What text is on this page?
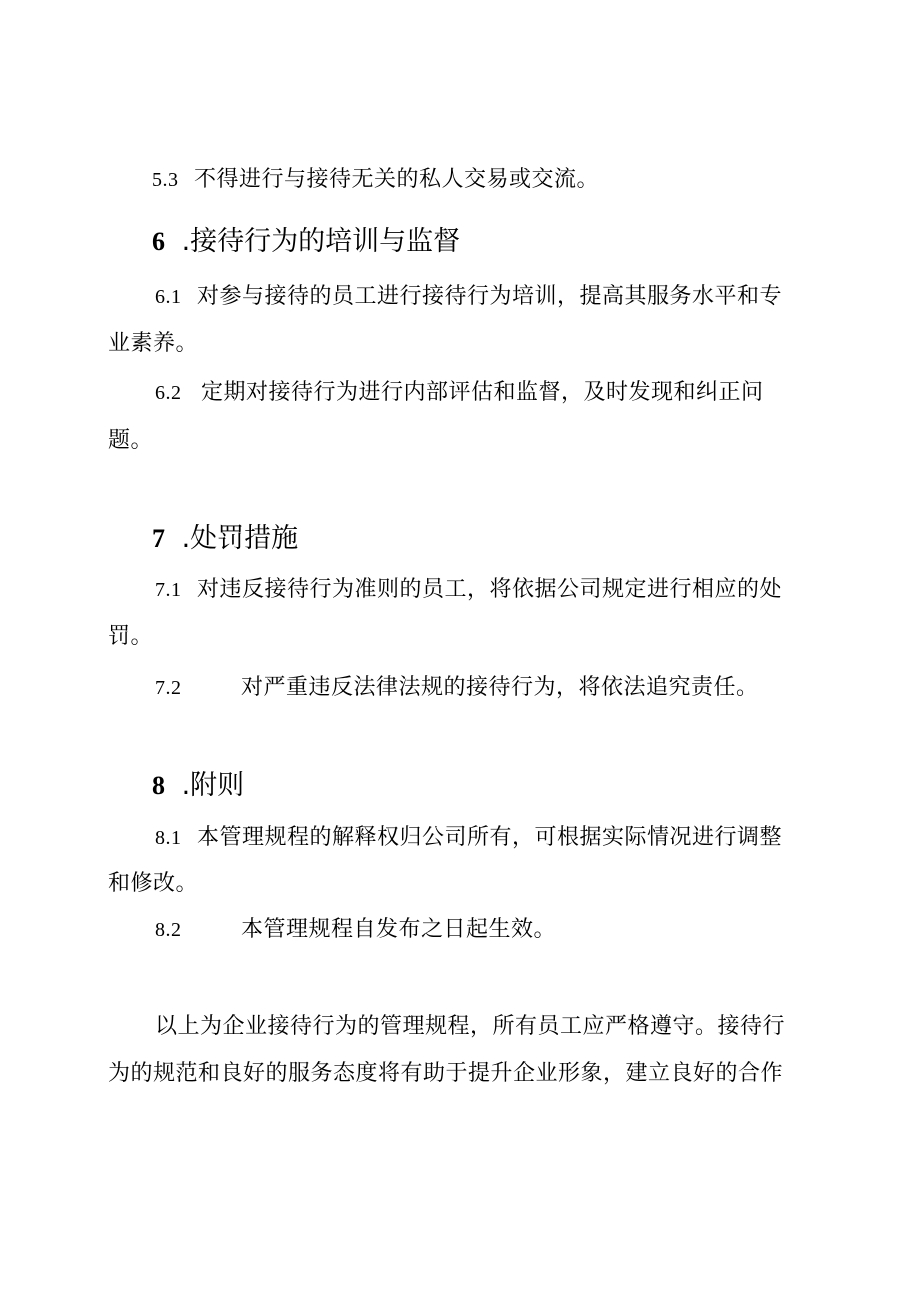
5.3 不得进行与接待无关的私人交易或交流。
6 .接待行为的培训与监督
6.1 对参与接待的员工进行接待行为培训，提高其服务水平和专
业素养。
6.2 定期对接待行为进行内部评估和监督，及时发现和纠正问
题。
7 .处罚措施
7.1 对违反接待行为准则的员工，将依据公司规定进行相应的处
罚。
7.2	对严重违反法律法规的接待行为，将依法追究责任。
8 .附则
8.1 本管理规程的解释权归公司所有，可根据实际情况进行调整
和修改。
8.2	本管理规程自发布之日起生效。
以上为企业接待行为的管理规程，所有员工应严格遵守。接待行
为的规范和良好的服务态度将有助于提升企业形象，建立良好的合作
